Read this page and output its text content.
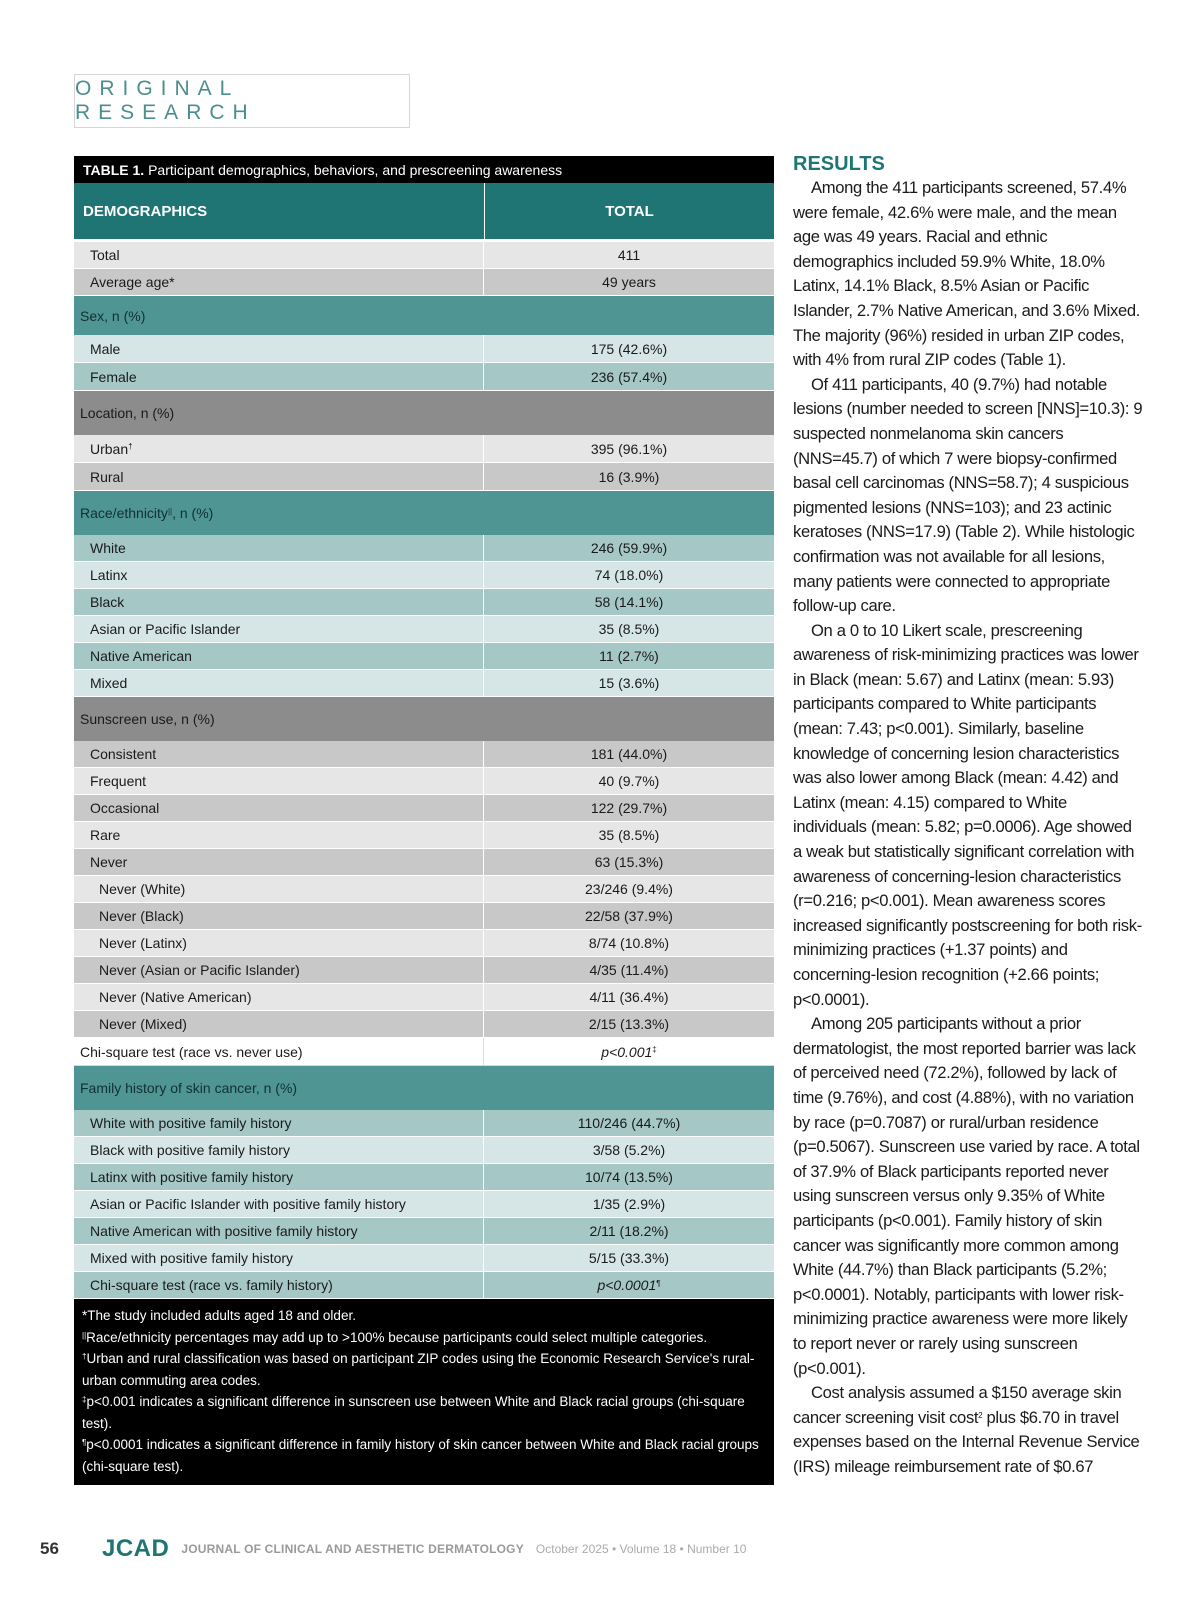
ORIGINAL RESEARCH
TABLE 1. Participant demographics, behaviors, and prescreening awareness
DEMOGRAPHICS	TOTAL
Total	411
Average age*	49 years
Sex, n (%)
Male	175 (42.6%)
Female	236 (57.4%)
Location, n (%)
Urban†	395 (96.1%)
Rural	16 (3.9%)
Race/ethnicity|| , n (%)
White	246 (59.9%)
Latinx	74 (18.0%)
Black	58 (14.1%)
Asian or Pacific Islander	35 (8.5%)
Native American	11 (2.7%)
Mixed	15 (3.6%)
Sunscreen use, n (%)
Consistent	181 (44.0%)
Frequent	40 (9.7%)
Occasional	122 (29.7%)
Rare	35 (8.5%)
Never	63 (15.3%)
Never (White)	23/246 (9.4%)
Never (Black)	22/58 (37.9%)
Never (Latinx)	8/74 (10.8%)
Never (Asian or Pacific Islander)	4/35 (11.4%)
Never (Native American)	4/11 (36.4%)
Never (Mixed)	2/15 (13.3%)
Chi-square test (race vs. never use)	p<0.001‡
Family history of skin cancer, n (%)
White with positive family history	110/246 (44.7%)
Black with positive family history	3/58 (5.2%)
Latinx with positive family history	10/74 (13.5%)
Asian or Pacific Islander with positive family history	1/35 (2.9%)
Native American with positive family history	2/11 (18.2%)
Mixed with positive family history	5/15 (33.3%)
Chi-square test (race vs. family history)	p<0.0001¶

*The study included adults aged 18 and older.

||Race/ethnicity percentages may add up to >100% because participants could select multiple categories.

†Urban and rural classification was based on participant ZIP codes using the Economic Research Service's rural-urban commuting area codes.

‡p<0.001 indicates a significant difference in sunscreen use between White and Black racial groups (chi-square test).

¶p<0.0001 indicates a significant difference in family history of skin cancer between White and Black racial groups (chi-square test).

RESULTS

Among the 411 participants screened, 57.4% were female, 42.6% were male, and the mean age was 49 years. Racial and ethnic demographics included 59.9% White, 18.0% Latinx, 14.1% Black, 8.5% Asian or Pacific Islander, 2.7% Native American, and 3.6% Mixed. The majority (96%) resided in urban ZIP codes, with 4% from rural ZIP codes (Table 1).

Of 411 participants, 40 (9.7%) had notable lesions (number needed to screen [NNS]=10.3): 9 suspected nonmelanoma skin cancers (NNS=45.7) of which 7 were biopsy-confirmed basal cell carcinomas (NNS=58.7); 4 suspicious pigmented lesions (NNS=103); and 23 actinic keratoses (NNS=17.9) (Table 2). While histologic confirmation was not available for all lesions, many patients were connected to appropriate follow-up care.

On a 0 to 10 Likert scale, prescreening awareness of risk-minimizing practices was lower in Black (mean: 5.67) and Latinx (mean: 5.93) participants compared to White participants (mean: 7.43; p<0.001). Similarly, baseline knowledge of concerning lesion characteristics was also lower among Black (mean: 4.42) and Latinx (mean: 4.15) compared to White individuals (mean: 5.82; p=0.0006). Age showed a weak but statistically significant correlation with awareness of concerning-lesion characteristics (r=0.216; p<0.001). Mean awareness scores increased significantly postscreening for both risk-minimizing practices (+1.37 points) and concerning-lesion recognition (+2.66 points; p<0.0001).

Among 205 participants without a prior dermatologist, the most reported barrier was lack of perceived need (72.2%), followed by lack of time (9.76%), and cost (4.88%), with no variation by race (p=0.7087) or rural/urban residence (p=0.5067). Sunscreen use varied by race. A total of 37.9% of Black participants reported never using sunscreen versus only 9.35% of White participants (p<0.001). Family history of skin cancer was significantly more common among White (44.7%) than Black participants (5.2%; p<0.0001). Notably, participants with lower risk-minimizing practice awareness were more likely to report never or rarely using sunscreen (p<0.001).

Cost analysis assumed a $150 average skin cancer screening visit cost$^2$ plus $6.70 in travel expenses based on the Internal Revenue Service (IRS) mileage reimbursement rate of $0.67

56	JCAD JOURNAL OF CLINICAL AND AESTHETIC DERMATOLOGY October 2025 • Volume 18 • Number 10
